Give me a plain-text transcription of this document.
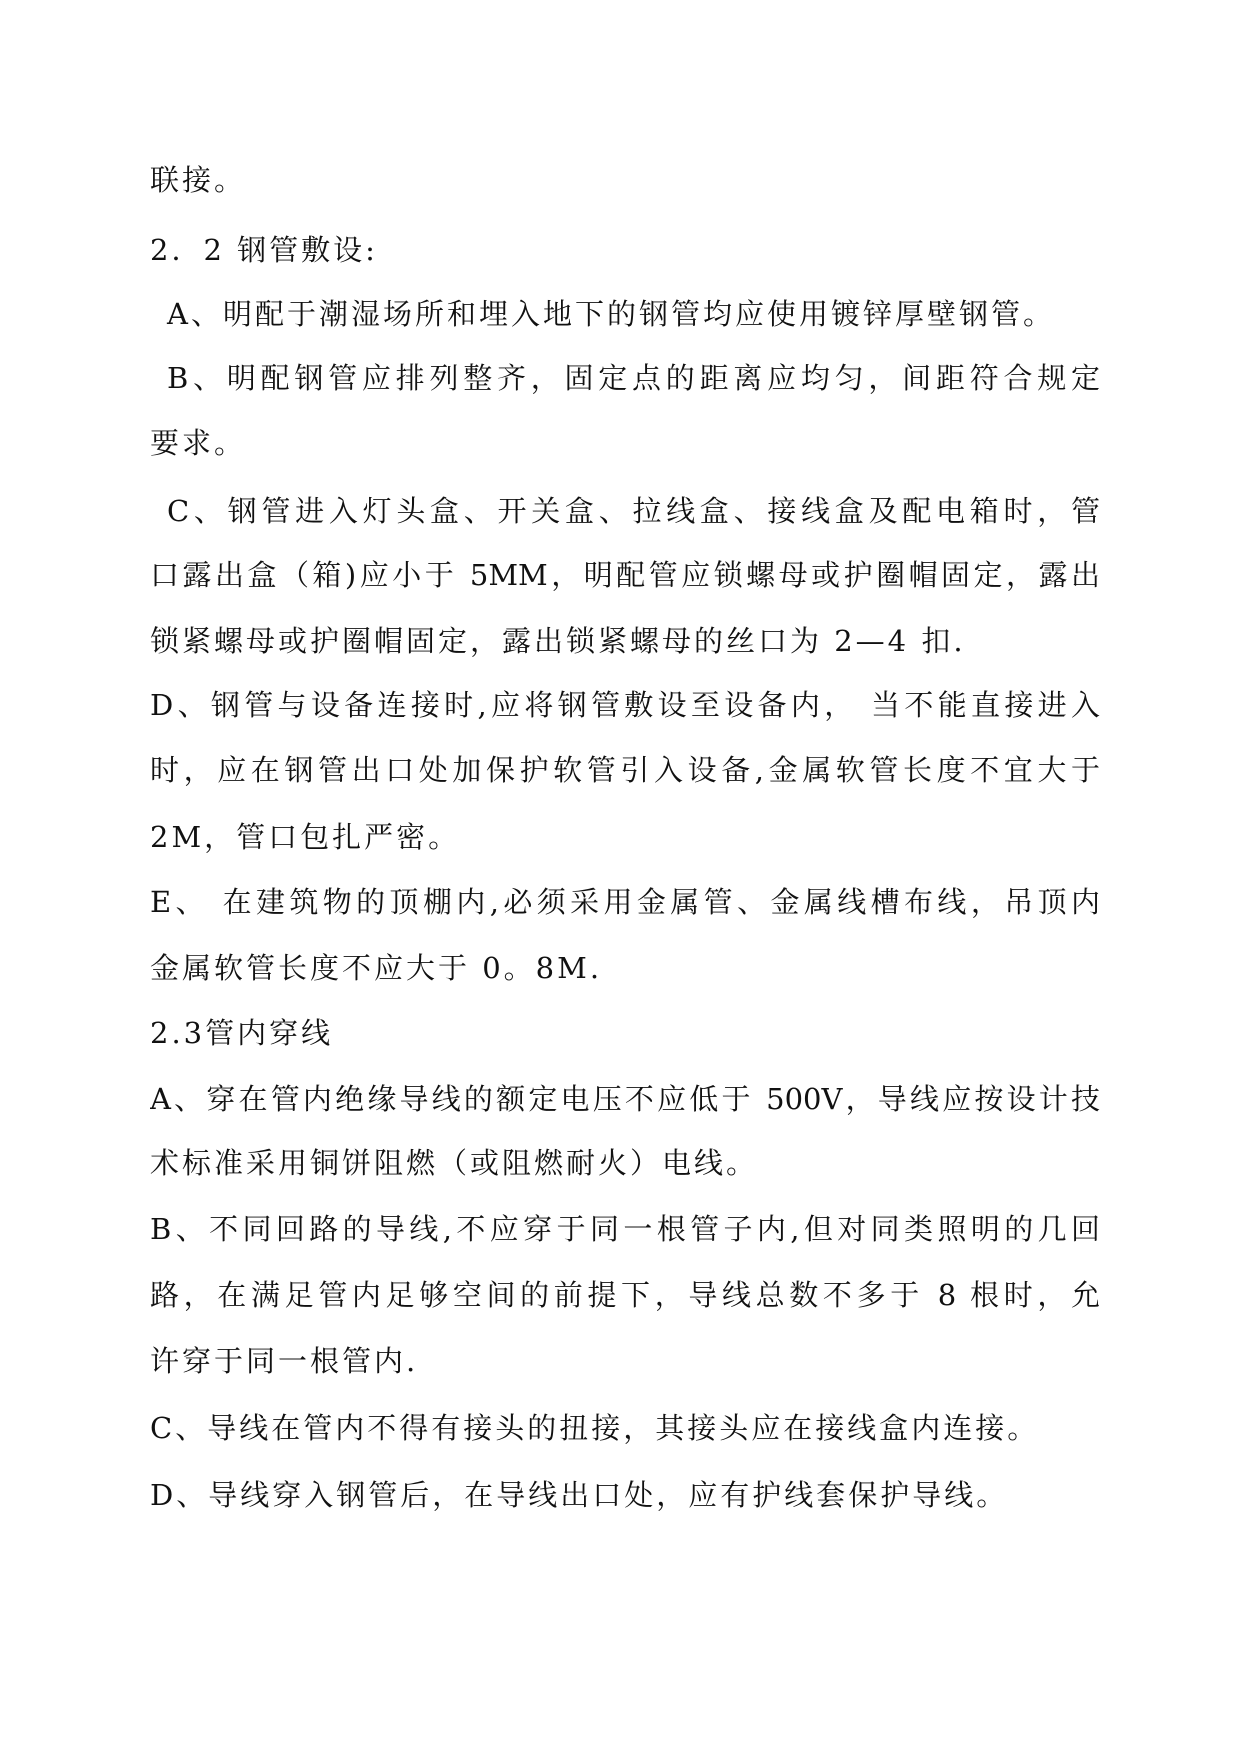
联接。
2．2 钢管敷设:
A、明配于潮湿场所和埋入地下的钢管均应使用镀锌厚壁钢管。
B、明配钢管应排列整齐，固定点的距离应均匀，间距符合规定
要求。
C、钢管进入灯头盒、开关盒、拉线盒、接线盒及配电箱时，管
口露出盒（箱)应小于 5MM，明配管应锁螺母或护圈帽固定，露出
锁紧螺母或护圈帽固定，露出锁紧螺母的丝口为 2—4 扣.
D、钢管与设备连接时,应将钢管敷设至设备内， 当不能直接进入
时，应在钢管出口处加保护软管引入设备,金属软管长度不宜大于
2M，管口包扎严密。
E、 在建筑物的顶棚内,必须采用金属管、金属线槽布线，吊顶内
金属软管长度不应大于 0。8M.
2.3管内穿线
A、穿在管内绝缘导线的额定电压不应低于 500V，导线应按设计技
术标准采用铜饼阻燃（或阻燃耐火）电线。
B、不同回路的导线,不应穿于同一根管子内,但对同类照明的几回
路，在满足管内足够空间的前提下，导线总数不多于 8 根时，允
许穿于同一根管内.
C、导线在管内不得有接头的扭接，其接头应在接线盒内连接。
D、导线穿入钢管后，在导线出口处，应有护线套保护导线。
